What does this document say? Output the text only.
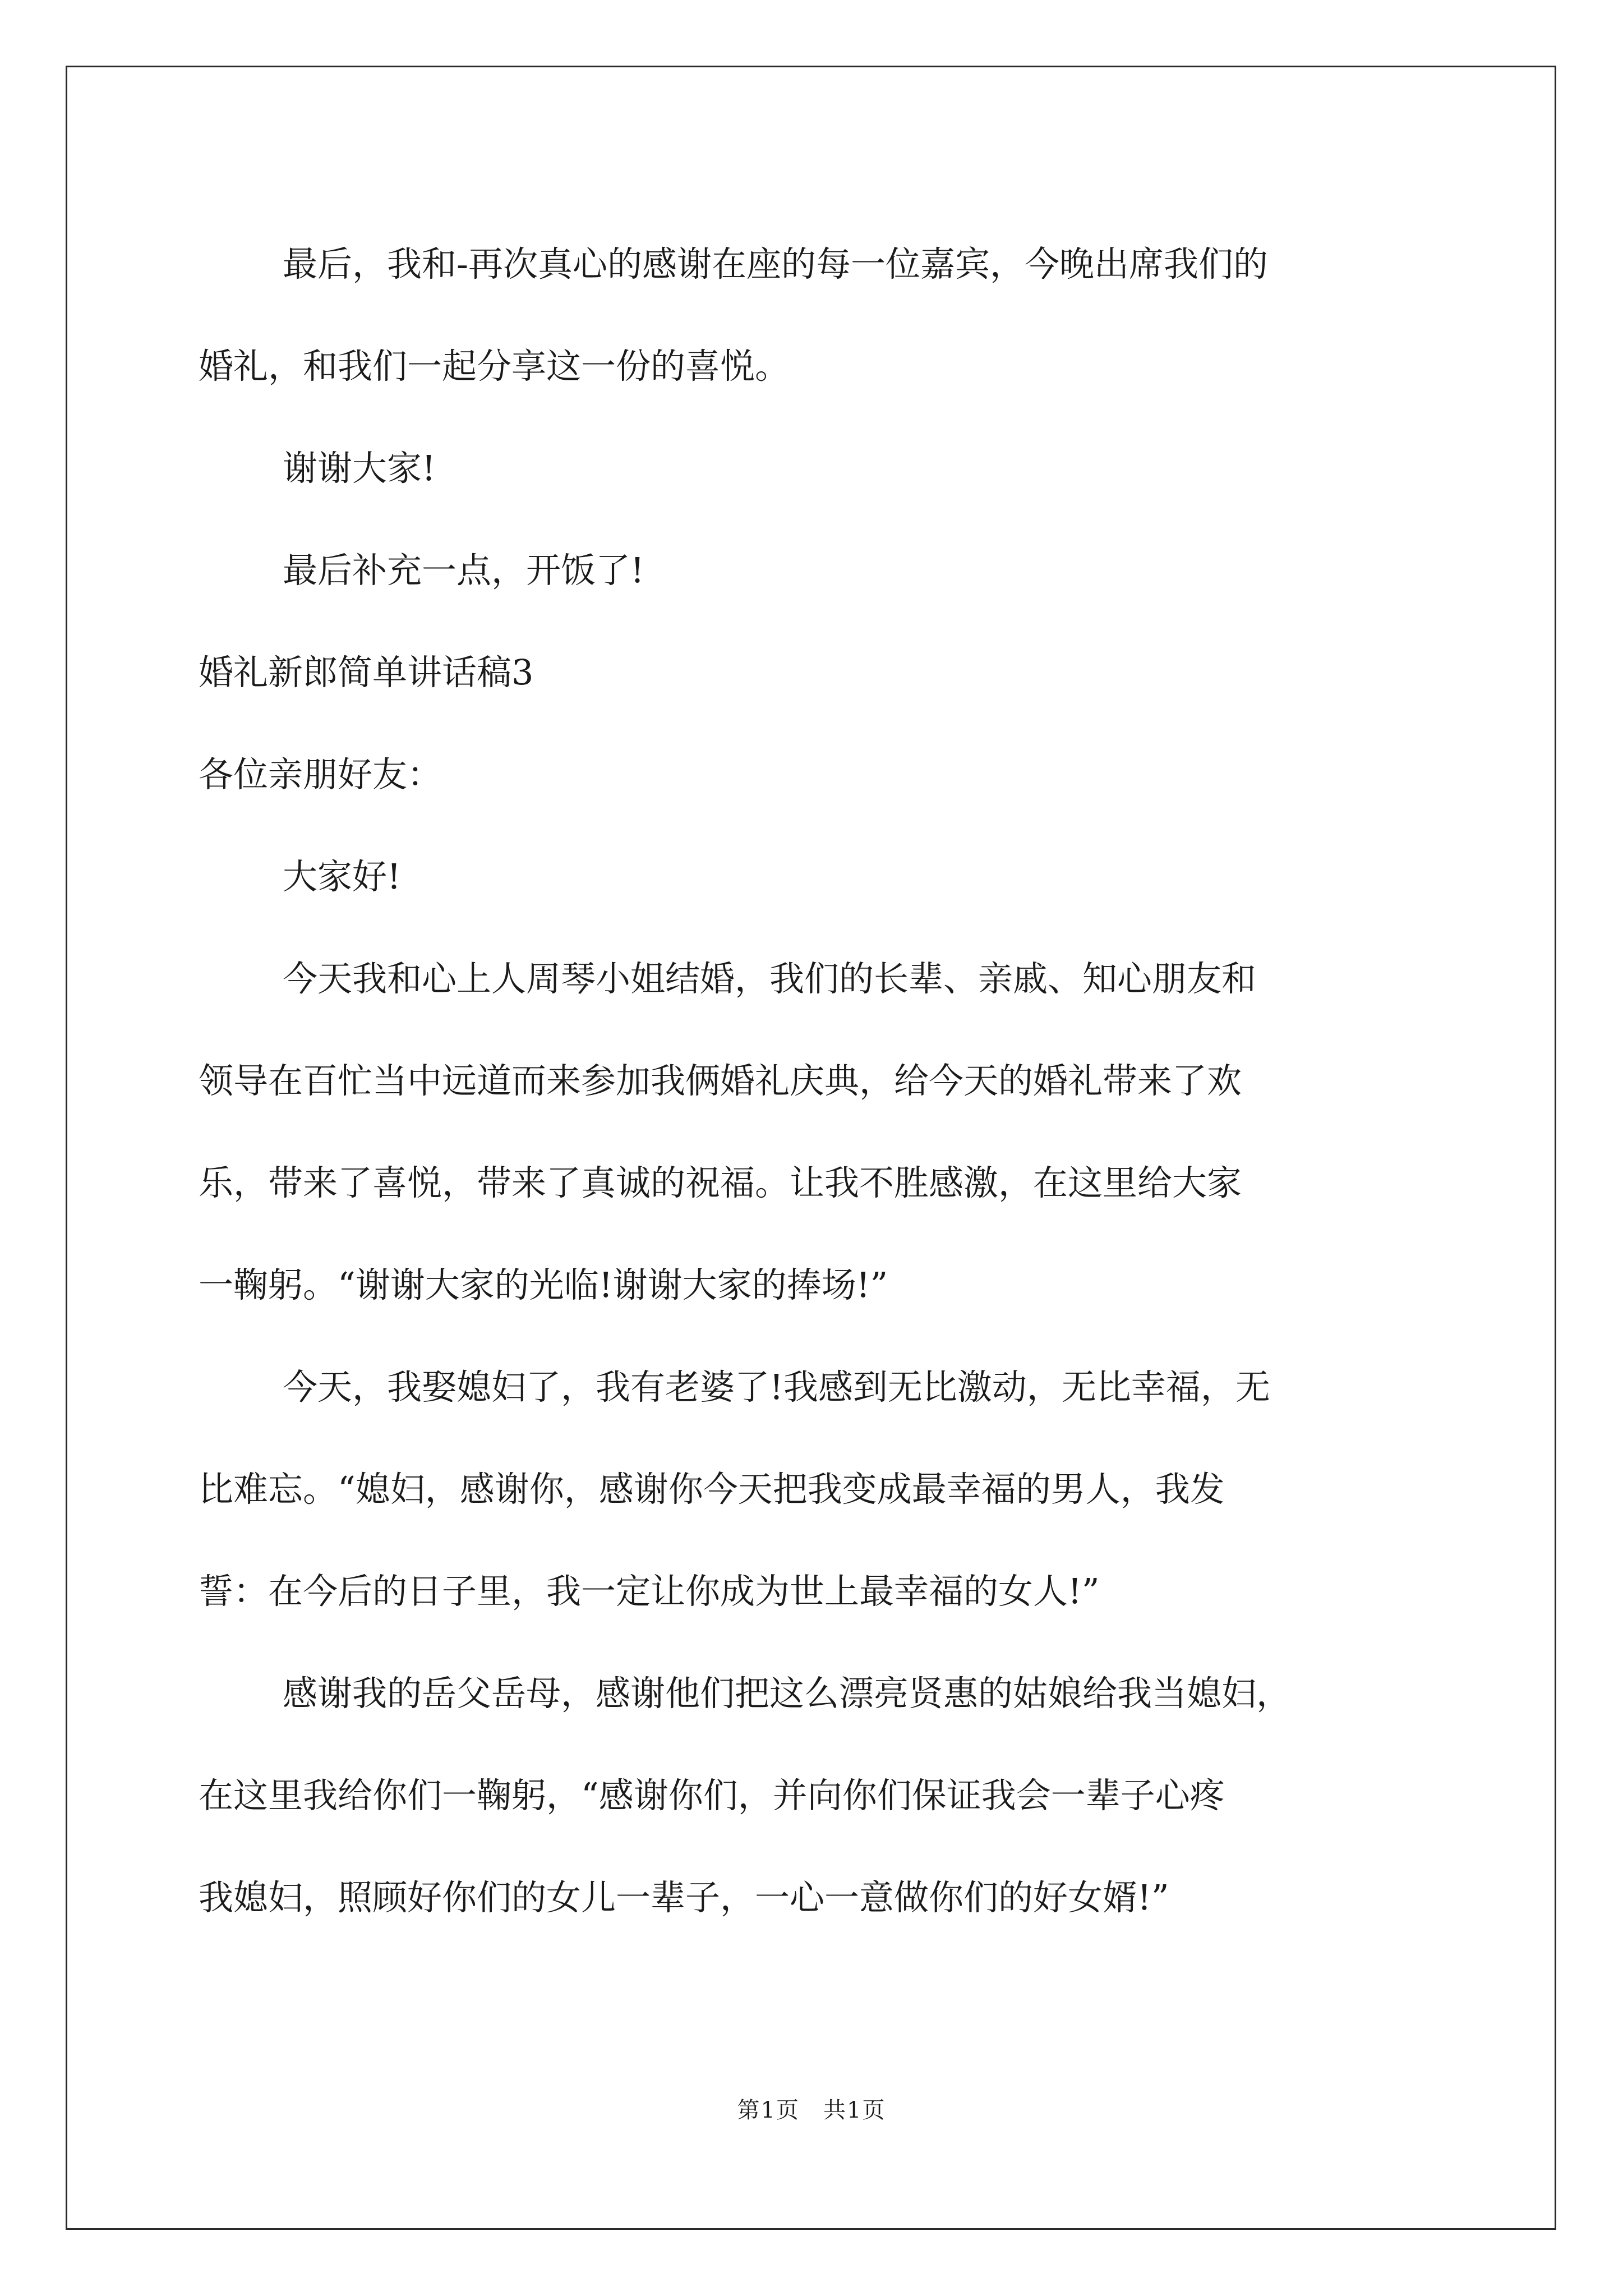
最后，我和-再次真心的感谢在座的每一位嘉宾，今晚出席我们的

婚礼，和我们一起分享这一份的喜悦。

谢谢大家!

最后补充一点，开饭了!

婚礼新郎简单讲话稿3

各位亲朋好友：

大家好!

今天我和心上人周琴小姐结婚，我们的长辈、亲戚、知心朋友和

领导在百忙当中远道而来参加我俩婚礼庆典，给今天的婚礼带来了欢

乐，带来了喜悦，带来了真诚的祝福。让我不胜感激，在这里给大家

一鞠躬。“谢谢大家的光临!谢谢大家的捧场!”

今天，我娶媳妇了，我有老婆了!我感到无比激动，无比幸福，无

比难忘。“媳妇，感谢你，感谢你今天把我变成最幸福的男人，我发

誓：在今后的日子里，我一定让你成为世上最幸福的女人!”

感谢我的岳父岳母，感谢他们把这么漂亮贤惠的姑娘给我当媳妇，

在这里我给你们一鞠躬，“感谢你们，并向你们保证我会一辈子心疼

我媳妇，照顾好你们的女儿一辈子，一心一意做你们的好女婿!”

第1页　共1页
